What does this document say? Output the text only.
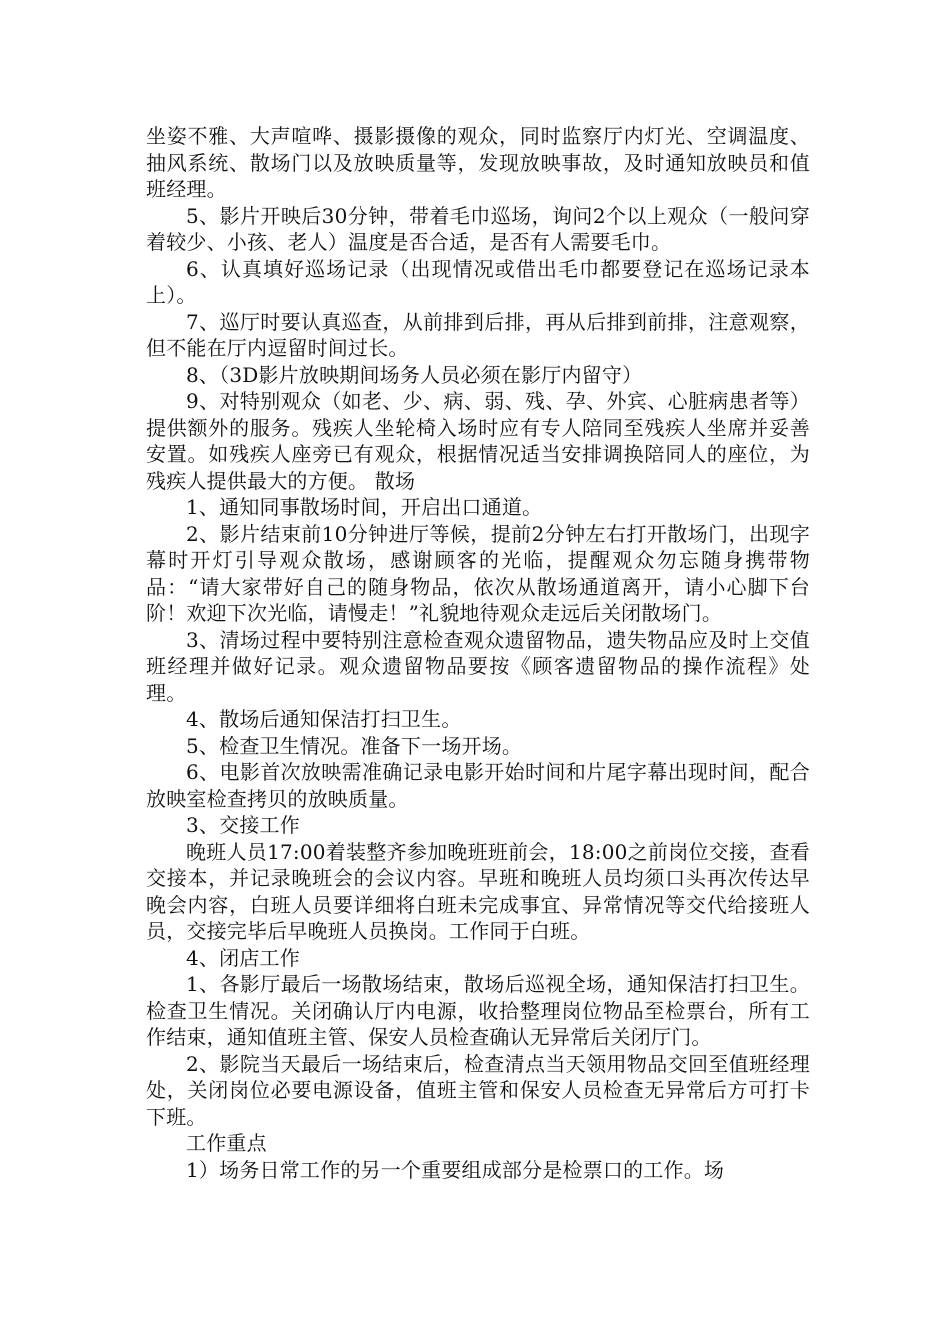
坐姿不雅、大声喧哗、摄影摄像的观众，同时监察厅内灯光、空调温度、抽风系统、散场门以及放映质量等，发现放映事故，及时通知放映员和值班经理。

5、影片开映后30分钟，带着毛巾巡场，询问2个以上观众（一般问穿着较少、小孩、老人）温度是否合适，是否有人需要毛巾。

6、认真填好巡场记录（出现情况或借出毛巾都要登记在巡场记录本上）。

7、巡厅时要认真巡查，从前排到后排，再从后排到前排，注意观察，但不能在厅内逗留时间过长。

8、（3D影片放映期间场务人员必须在影厅内留守）

9、对特别观众（如老、少、病、弱、残、孕、外宾、心脏病患者等）提供额外的服务。残疾人坐轮椅入场时应有专人陪同至残疾人坐席并妥善安置。如残疾人座旁已有观众，根据情况适当安排调换陪同人的座位，为残疾人提供最大的方便。 散场

1、通知同事散场时间，开启出口通道。

2、影片结束前10分钟进厅等候，提前2分钟左右打开散场门，出现字幕时开灯引导观众散场，感谢顾客的光临，提醒观众勿忘随身携带物品：“请大家带好自己的随身物品，依次从散场通道离开，请小心脚下台阶！欢迎下次光临，请慢走！”礼貌地待观众走远后关闭散场门。

3、清场过程中要特别注意检查观众遗留物品，遗失物品应及时上交值班经理并做好记录。观众遗留物品要按《顾客遗留物品的操作流程》处理。

4、散场后通知保洁打扫卫生。

5、检查卫生情况。准备下一场开场。

6、电影首次放映需准确记录电影开始时间和片尾字幕出现时间，配合放映室检查拷贝的放映质量。

3、交接工作

晚班人员17:00着装整齐参加晚班班前会，18:00之前岗位交接，查看交接本，并记录晚班会的会议内容。早班和晚班人员均须口头再次传达早晚会内容，白班人员要详细将白班未完成事宜、异常情况等交代给接班人员，交接完毕后早晚班人员换岗。工作同于白班。

4、闭店工作

1、各影厅最后一场散场结束，散场后巡视全场，通知保洁打扫卫生。检查卫生情况。关闭确认厅内电源，收拾整理岗位物品至检票台，所有工作结束，通知值班主管、保安人员检查确认无异常后关闭厅门。

2、影院当天最后一场结束后，检查清点当天领用物品交回至值班经理处，关闭岗位必要电源设备，值班主管和保安人员检查无异常后方可打卡下班。

工作重点

1）场务日常工作的另一个重要组成部分是检票口的工作。场
